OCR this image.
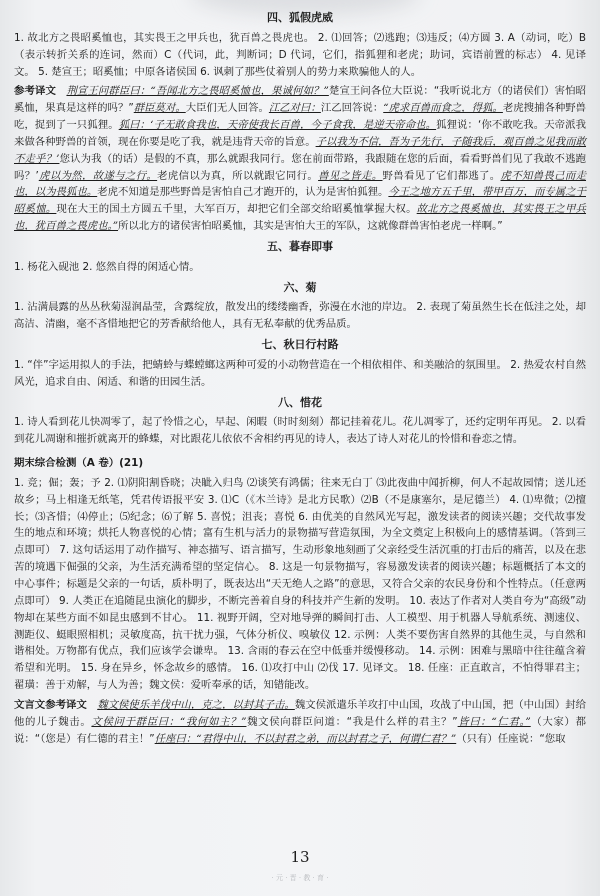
四、狐假虎威

1. 故北方之畏昭奚恤也，其实畏王之甲兵也，犹百兽之畏虎也。 2. ⑴回答；⑵逃跑；⑶违反；⑷方圆 3. A（动词，吃）B（表示转折关系的连词，然而）C（代词，此，判断词；D 代词，它们，指狐狸和老虎；助词，宾语前置的标志） 4. 见译文。 5. 楚宣王；昭奚恤；中原各诸侯国 6. 讽刺了那些仗着别人的势力来欺骗他人的人。

参考译文　 荆宣王问群臣曰：“吾闻北方之畏昭奚恤也，果诚何如？”楚宣王问各位大臣说：“我听说北方（的诸侯们）害怕昭奚恤，果真是这样的吗？”群臣莫对。大臣们无人回答。江乙对曰：江乙回答说：“虎求百兽而食之，得狐。老虎搜捕各种野兽吃，捉到了一只狐狸。狐曰：‘子无敢食我也，天帝使我长百兽，今子食我，是逆天帝命也。狐狸说：‘你不敢吃我。天帝派我来做各种野兽的首领，现在你要是吃了我，就是违背天帝的旨意。子以我为不信，吾为子先行，子随我后，观百兽之见我而敢不走乎？’您认为我（的话）是假的不真，那么就跟我同行。您在前面带路，我跟随在您的后面，看看野兽们见了我敢不逃跑吗？’虎以为然，故遂与之行。老虎信以为真，所以就跟它同行。兽见之皆走。野兽看见了它们都逃了。虎不知兽畏己而走也，以为畏狐也。老虎不知道是那些野兽是害怕自己才跑开的，认为是害怕狐狸。今王之地方五千里，带甲百万，而专属之于昭奚恤。现在大王的国土方圆五千里，大军百万，却把它们全部交给昭奚恤掌握大权。故北方之畏奚恤也，其实畏王之甲兵也，犹百兽之畏虎也。”所以北方的诸侯害怕昭奚恤，其实是害怕大王的军队，这就像群兽害怕老虎一样啊。”

五、暮春即事

1. 杨花入砚池 2. 悠然自得的闲适心情。

六、菊

1. 沾满晨露的丛丛秋菊湿润晶莹，含露绽放，散发出的缕缕幽香，弥漫在水池的岸边。 2. 表现了菊虽然生长在低洼之处，却高洁、清幽，毫不吝惜地把它的芳香献给他人，具有无私奉献的优秀品质。

七、秋日行村路

1. “伴”字运用拟人的手法，把蜻蛉与蝶螳螂这两种可爱的小动物营造在一个相依相伴、和美融洽的氛围里。 2. 热爱农村自然风光，追求自由、闲适、和谐的田园生活。

八、惜花

1. 诗人看到花儿快凋零了，起了怜惜之心，早起、闲暇（时时刻刻）都记挂着花儿。花儿凋零了，还约定明年再见。 2. 以看到花儿凋谢和摧折就离开的蜂蝶，对比跟花儿依依不舍相约再见的诗人，表达了诗人对花儿的怜惜和眷恋之情。

期末综合检测（A 卷）(21)

1. 竞；倔；轰；予 2. ⑴阴阳割昏晓；决眦入归鸟 ⑵谈笑有鸿儒；往来无白丁 ⑶此夜曲中闻折柳，何人不起故园情；送儿还故乡；马上相逢无纸笔，凭君传语报平安 3. ⑴C（《木兰诗》是北方民歌）⑵B（不是康塞尔，是尼德兰） 4. ⑴卑微；⑵擅长；⑶吝惜；⑷停止；⑸纪念；⑹了解 5. 喜悦；沮丧；喜悦 6. 由优美的自然风光写起，激发读者的阅读兴趣；交代故事发生的地点和环境；烘托人物喜悦的心情；富有生机与活力的景物描写营造氛围，为全文奠定上积极向上的感情基调。（答到三点即可） 7. 这句话运用了动作描写、神态描写、语言描写，生动形象地刻画了父亲经受生活沉重的打击后的痛苦，以及在悲苦的境遇下倔强的父亲，为生活充满希望的坚定信心。 8. 这是一句景物描写，容易激发读者的阅读兴趣；标题概括了本文的中心事件；标题是父亲的一句话，质朴明了，既表达出“天无绝人之路”的意思，又符合父亲的农民身份和个性特点。（任意两点即可） 9. 人类正在追随昆虫演化的脚步，不断完善着自身的科技并产生新的发明。 10. 表达了作者对人类自夸为“高级”动物却在某些方面不如昆虫感到不甘心。 11. 视野开阔，空对地导弹的瞬间打击、人工模型、用于机器人导航系统、测速仪、测距仪、蜓眼照相机；灵敏度高，抗干扰力强，气体分析仪、嗅敏仪 12. 示例：人类不要伤害自然界的其他生灵，与自然和谐相处。万物都有优点，我们应该学会谦卑。 13. 含雨的春云在空中低垂并缓慢移动。 14. 示例：困难与黑暗中往往蕴含着希望和光明。 15. 身在异乡，怀念故乡的感情。 16. ⑴攻打中山 ⑵伐 17. 见译文。 18. 任座：正直敢言，不怕得罪君主；翟璜：善于劝解，与人为善；魏文侯：爱听奉承的话，知错能改。

文言文参考译文　 魏文侯使乐羊伐中山，克之，以封其子击。魏文侯派遣乐羊攻打中山国，攻战了中山国，把（中山国）封给他的儿子魏击。文侯问于群臣曰：“我何如主？”魏文侯向群臣问道：“我是什么样的君主？”皆曰：“仁君。”（大家）都说：“（您是）有仁德的君主！”任座曰：“君得中山，不以封君之弟，而以封君之子，何谓仁君？”（只有）任座说：“您取

13
· 元 · 晋 · 教 · 育 ·
